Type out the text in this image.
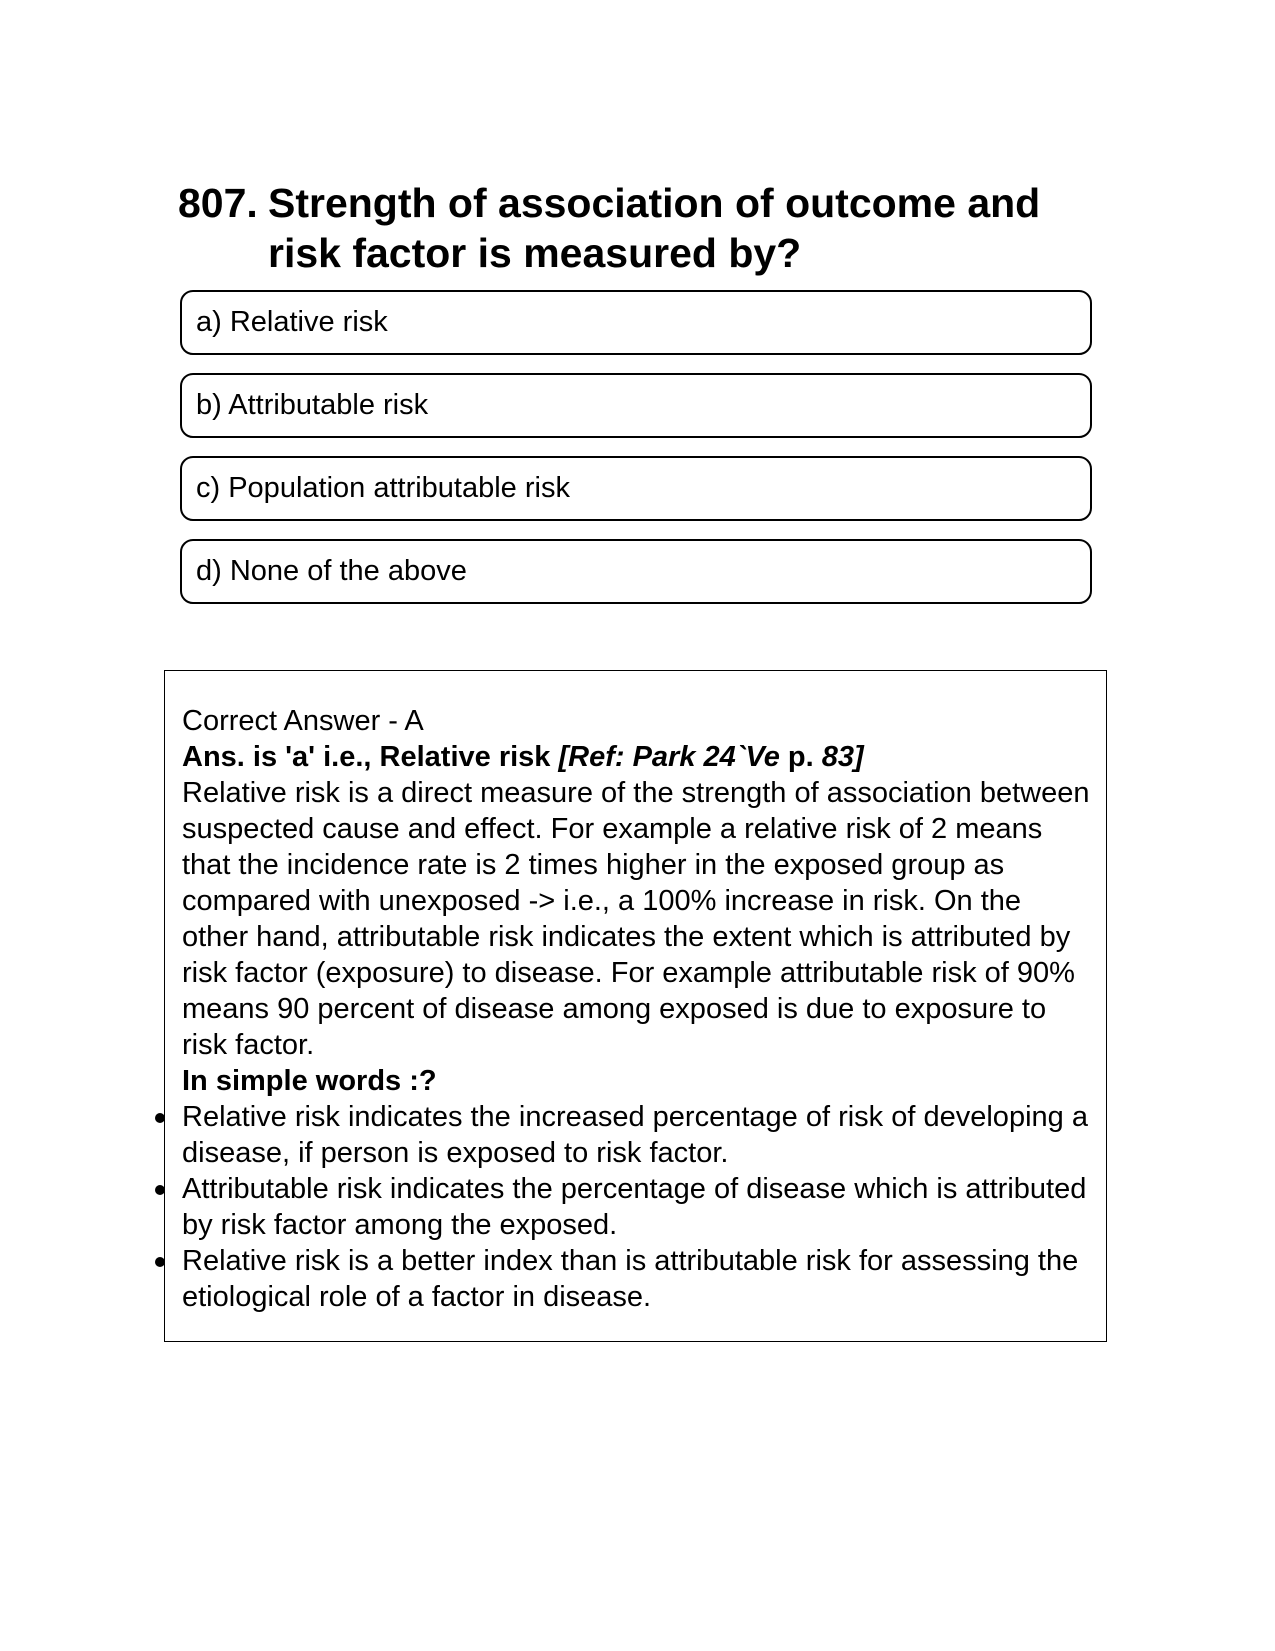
807. Strength of association of outcome and risk factor is measured by?
a) Relative risk
b) Attributable risk
c) Population attributable risk
d) None of the above

Correct Answer - A

Ans. is 'a' i.e., Relative risk [Ref: Park 24`Ve p. 83]

Relative risk is a direct measure of the strength of association between suspected cause and effect. For example a relative risk of 2 means that the incidence rate is 2 times higher in the exposed group as compared with unexposed -> i.e., a 100% increase in risk. On the other hand, attributable risk indicates the extent which is attributed by risk factor (exposure) to disease. For example attributable risk of 90% means 90 percent of disease among exposed is due to exposure to risk factor.

In simple words :?

Relative risk indicates the increased percentage of risk of developing a disease, if person is exposed to risk factor.
Attributable risk indicates the percentage of disease which is attributed by risk factor among the exposed.
Relative risk is a better index than is attributable risk for assessing the etiological role of a factor in disease.
